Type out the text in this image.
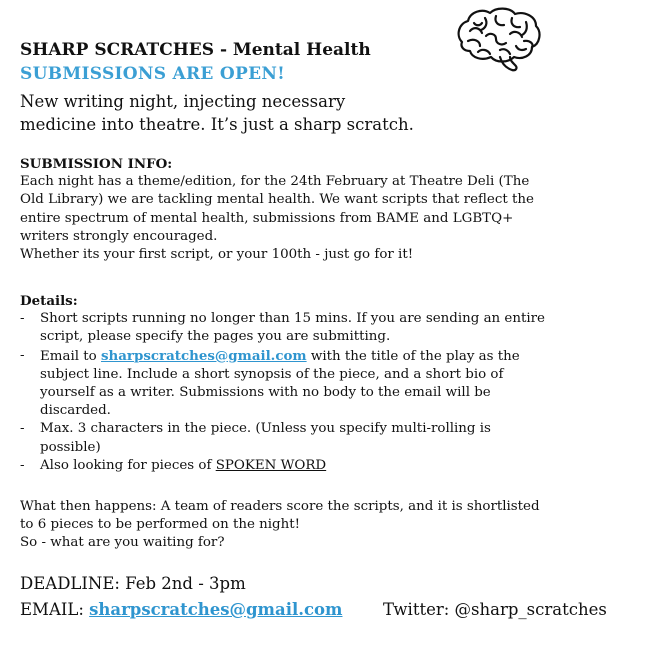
SHARP SCRATCHES - Mental Health
SUBMISSIONS ARE OPEN!
New writing night, injecting necessary
medicine into theatre. It’s just a sharp scratch.
SUBMISSION INFO:
Each night has a theme/edition, for the 24th February at Theatre Deli (The
Old Library) we are tackling mental health. We want scripts that reflect the
entire spectrum of mental health, submissions from BAME and LGBTQ+
writers strongly encouraged.
Whether its your first script, or your 100th - just go for it!
Details:
- Short scripts running no longer than 15 mins. If you are sending an entire
script, please specify the pages you are submitting.
- Email to sharpscratches@gmail.com with the title of the play as the
subject line. Include a short synopsis of the piece, and a short bio of
yourself as a writer. Submissions with no body to the email will be
discarded.
- Max. 3 characters in the piece. (Unless you specify multi-rolling is
possible)
- Also looking for pieces of SPOKEN WORD
What then happens: A team of readers score the scripts, and it is shortlisted
to 6 pieces to be performed on the night!
So - what are you waiting for?
DEADLINE: Feb 2nd - 3pm
EMAIL: sharpscratches@gmail.com Twitter: @sharp_scratches
